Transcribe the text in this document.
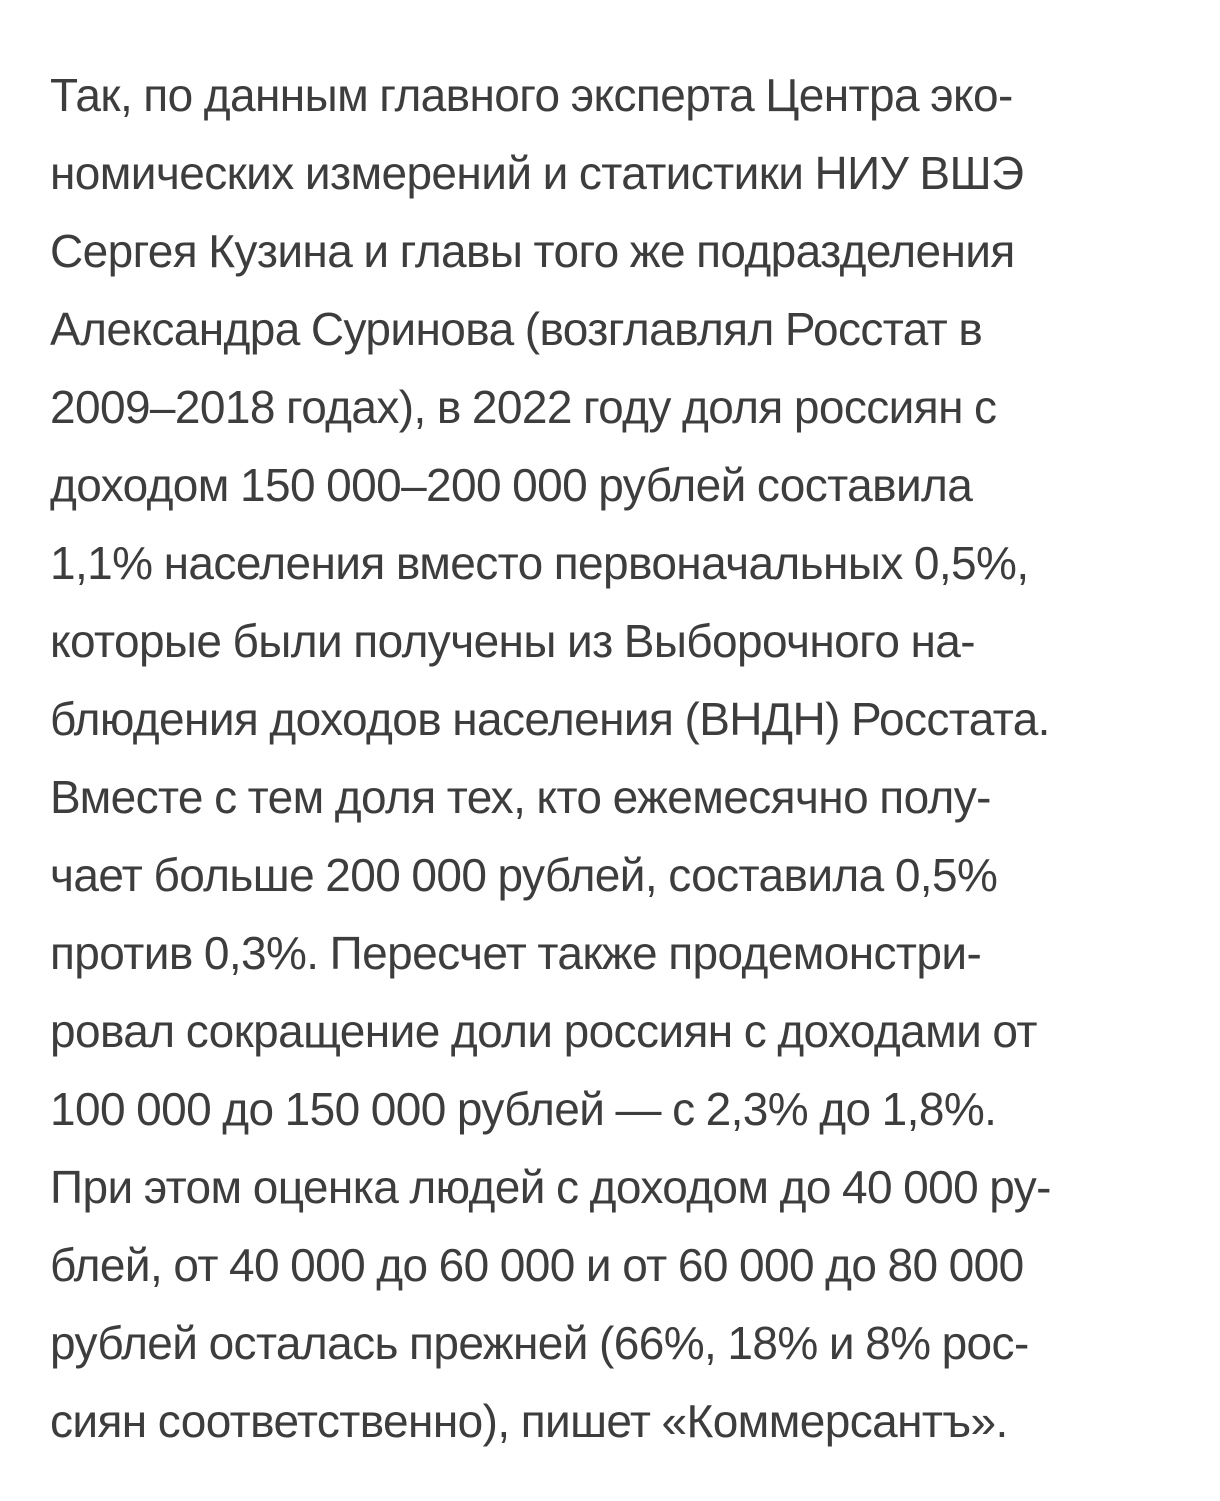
Так, по данным главного эксперта Центра эко-
номических измерений и статистики НИУ ВШЭ
Сергея Кузина и главы того же подразделения
Александра Суринова (возглавлял Росстат в
2009–2018 годах), в 2022 году доля россиян с
доходом 150 000–200 000 рублей составила
1,1% населения вместо первоначальных 0,5%,
которые были получены из Выборочного на-
блюдения доходов населения (ВНДН) Росстата.
Вместе с тем доля тех, кто ежемесячно полу-
чает больше 200 000 рублей, составила 0,5%
против 0,3%. Пересчет также продемонстри-
ровал сокращение доли россиян с доходами от
100 000 до 150 000 рублей — с 2,3% до 1,8%.
При этом оценка людей с доходом до 40 000 ру-
блей, от 40 000 до 60 000 и от 60 000 до 80 000
рублей осталась прежней (66%, 18% и 8% рос-
сиян соответственно), пишет «Коммерсантъ».
